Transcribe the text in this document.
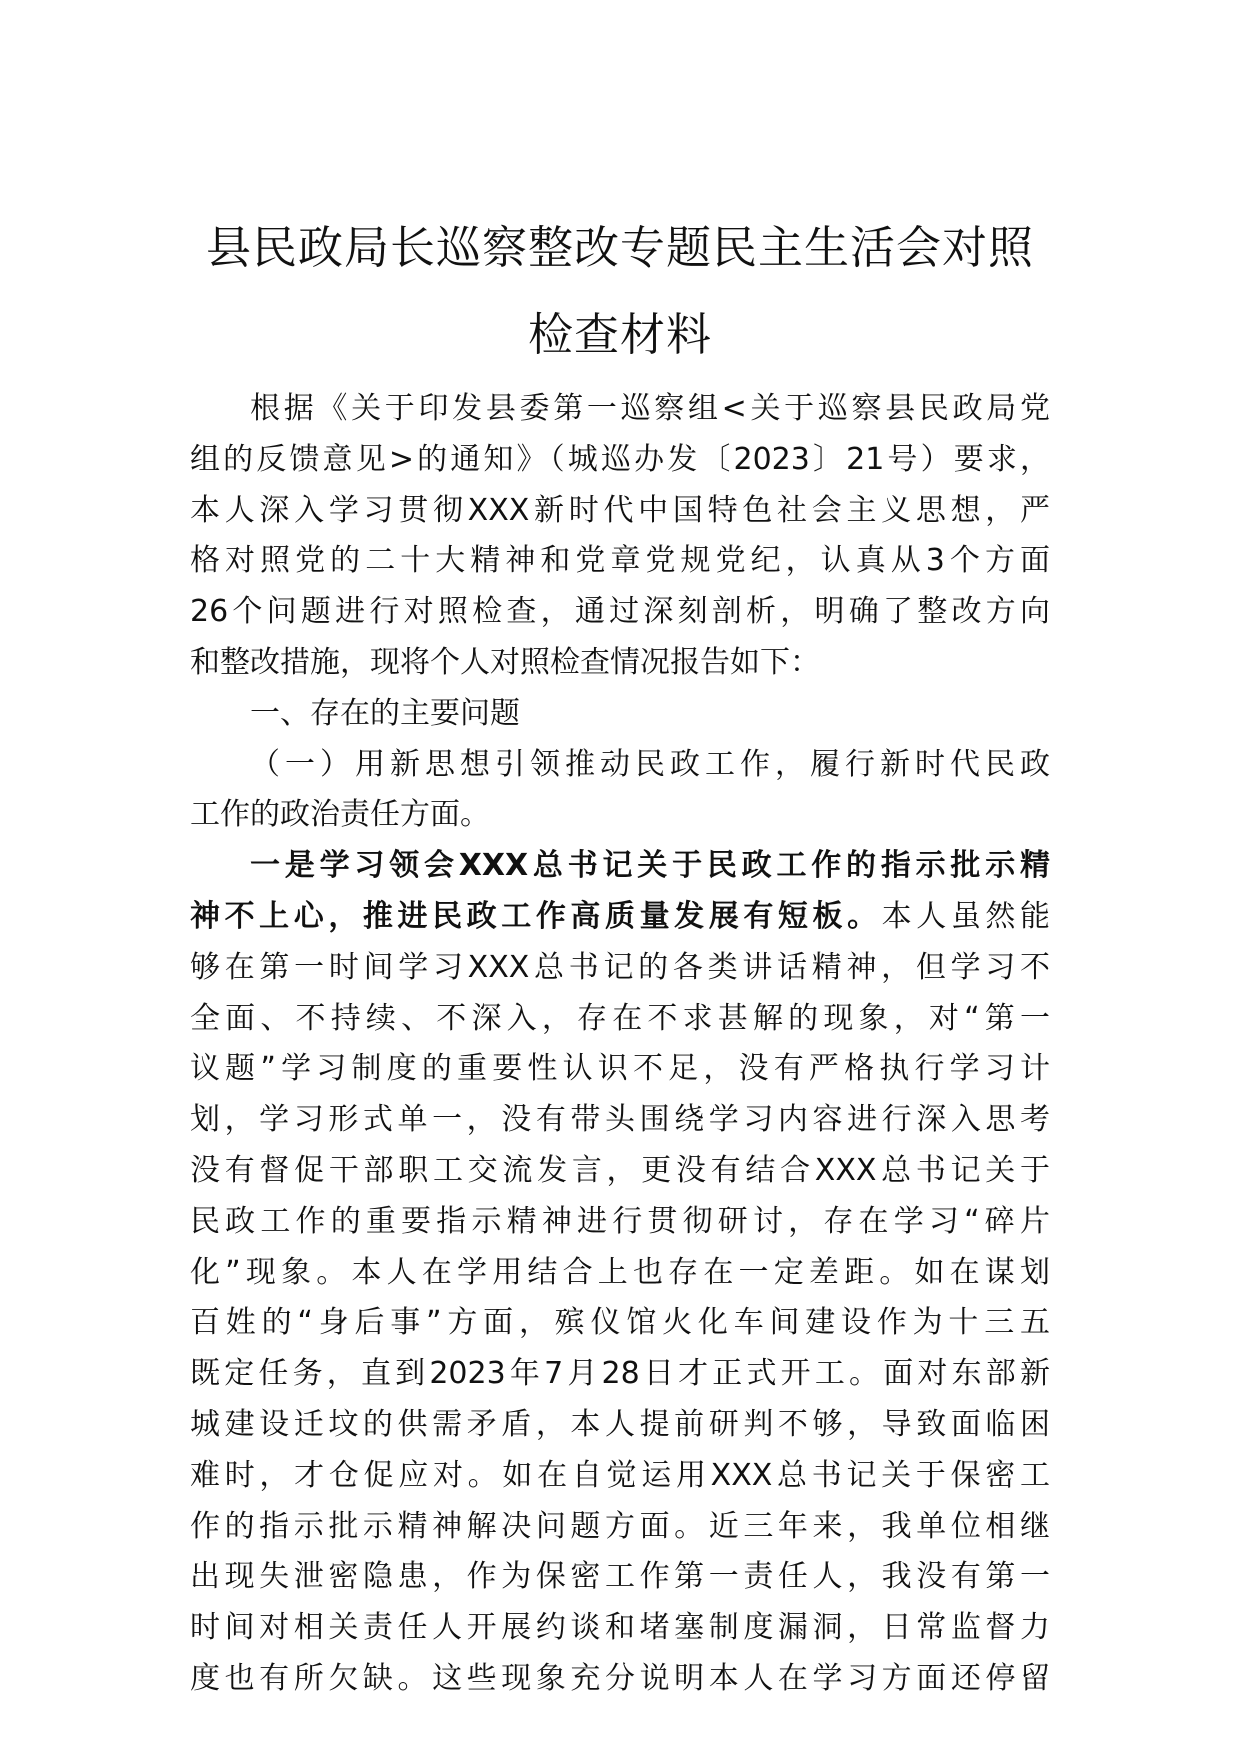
县民政局长巡察整改专题民主生活会对照
检查材料
根据《关于印发县委第一巡察组<关于巡察县民政局党
组的反馈意见>的通知》（城巡办发〔2023〕21号）要求，
本人深入学习贯彻XXX新时代中国特色社会主义思想，严
格对照党的二十大精神和党章党规党纪，认真从3个方面
26个问题进行对照检查，通过深刻剖析，明确了整改方向
和整改措施，现将个人对照检查情况报告如下：
一、存在的主要问题
（一）用新思想引领推动民政工作，履行新时代民政
工作的政治责任方面。
一是学习领会XXX总书记关于民政工作的指示批示精
神不上心，推进民政工作高质量发展有短板。本人虽然能
够在第一时间学习XXX总书记的各类讲话精神，但学习不
全面、不持续、不深入，存在不求甚解的现象，对“第一
议题”学习制度的重要性认识不足，没有严格执行学习计
划，学习形式单一，没有带头围绕学习内容进行深入思考
没有督促干部职工交流发言，更没有结合XXX总书记关于
民政工作的重要指示精神进行贯彻研讨，存在学习“碎片
化”现象。本人在学用结合上也存在一定差距。如在谋划
百姓的“身后事”方面，殡仪馆火化车间建设作为十三五
既定任务，直到2023年7月28日才正式开工。面对东部新
城建设迁坟的供需矛盾，本人提前研判不够，导致面临困
难时，才仓促应对。如在自觉运用XXX总书记关于保密工
作的指示批示精神解决问题方面。近三年来，我单位相继
出现失泄密隐患，作为保密工作第一责任人，我没有第一
时间对相关责任人开展约谈和堵塞制度漏洞，日常监督力
度也有所欠缺。这些现象充分说明本人在学习方面还停留
